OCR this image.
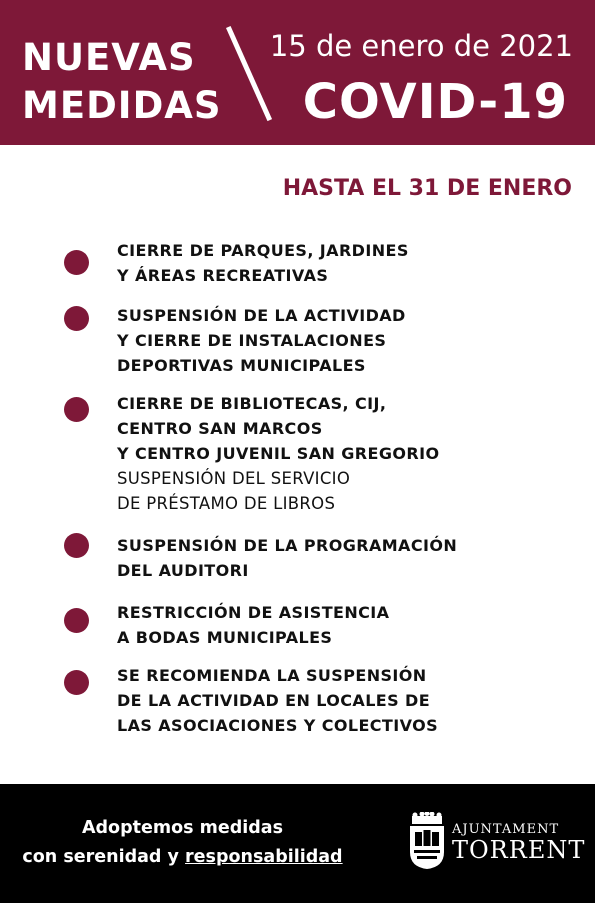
NUEVAS
MEDIDAS
15 de enero de 2021
COVID-19
HASTA EL 31 DE ENERO
CIERRE DE PARQUES, JARDINES
Y ÁREAS RECREATIVAS
SUSPENSIÓN DE LA ACTIVIDAD
Y CIERRE DE INSTALACIONES
DEPORTIVAS MUNICIPALES
CIERRE DE BIBLIOTECAS, CIJ,
CENTRO SAN MARCOS
Y CENTRO JUVENIL SAN GREGORIO
SUSPENSIÓN DEL SERVICIO
DE PRÉSTAMO DE LIBROS
SUSPENSIÓN DE LA PROGRAMACIÓN
DEL AUDITORI
RESTRICCIÓN DE ASISTENCIA
A BODAS MUNICIPALES
SE RECOMIENDA LA SUSPENSIÓN
DE LA ACTIVIDAD EN LOCALES DE
LAS ASOCIACIONES Y COLECTIVOS
Adoptemos medidas
con serenidad y responsabilidad
AJUNTAMENT
TORRENT
